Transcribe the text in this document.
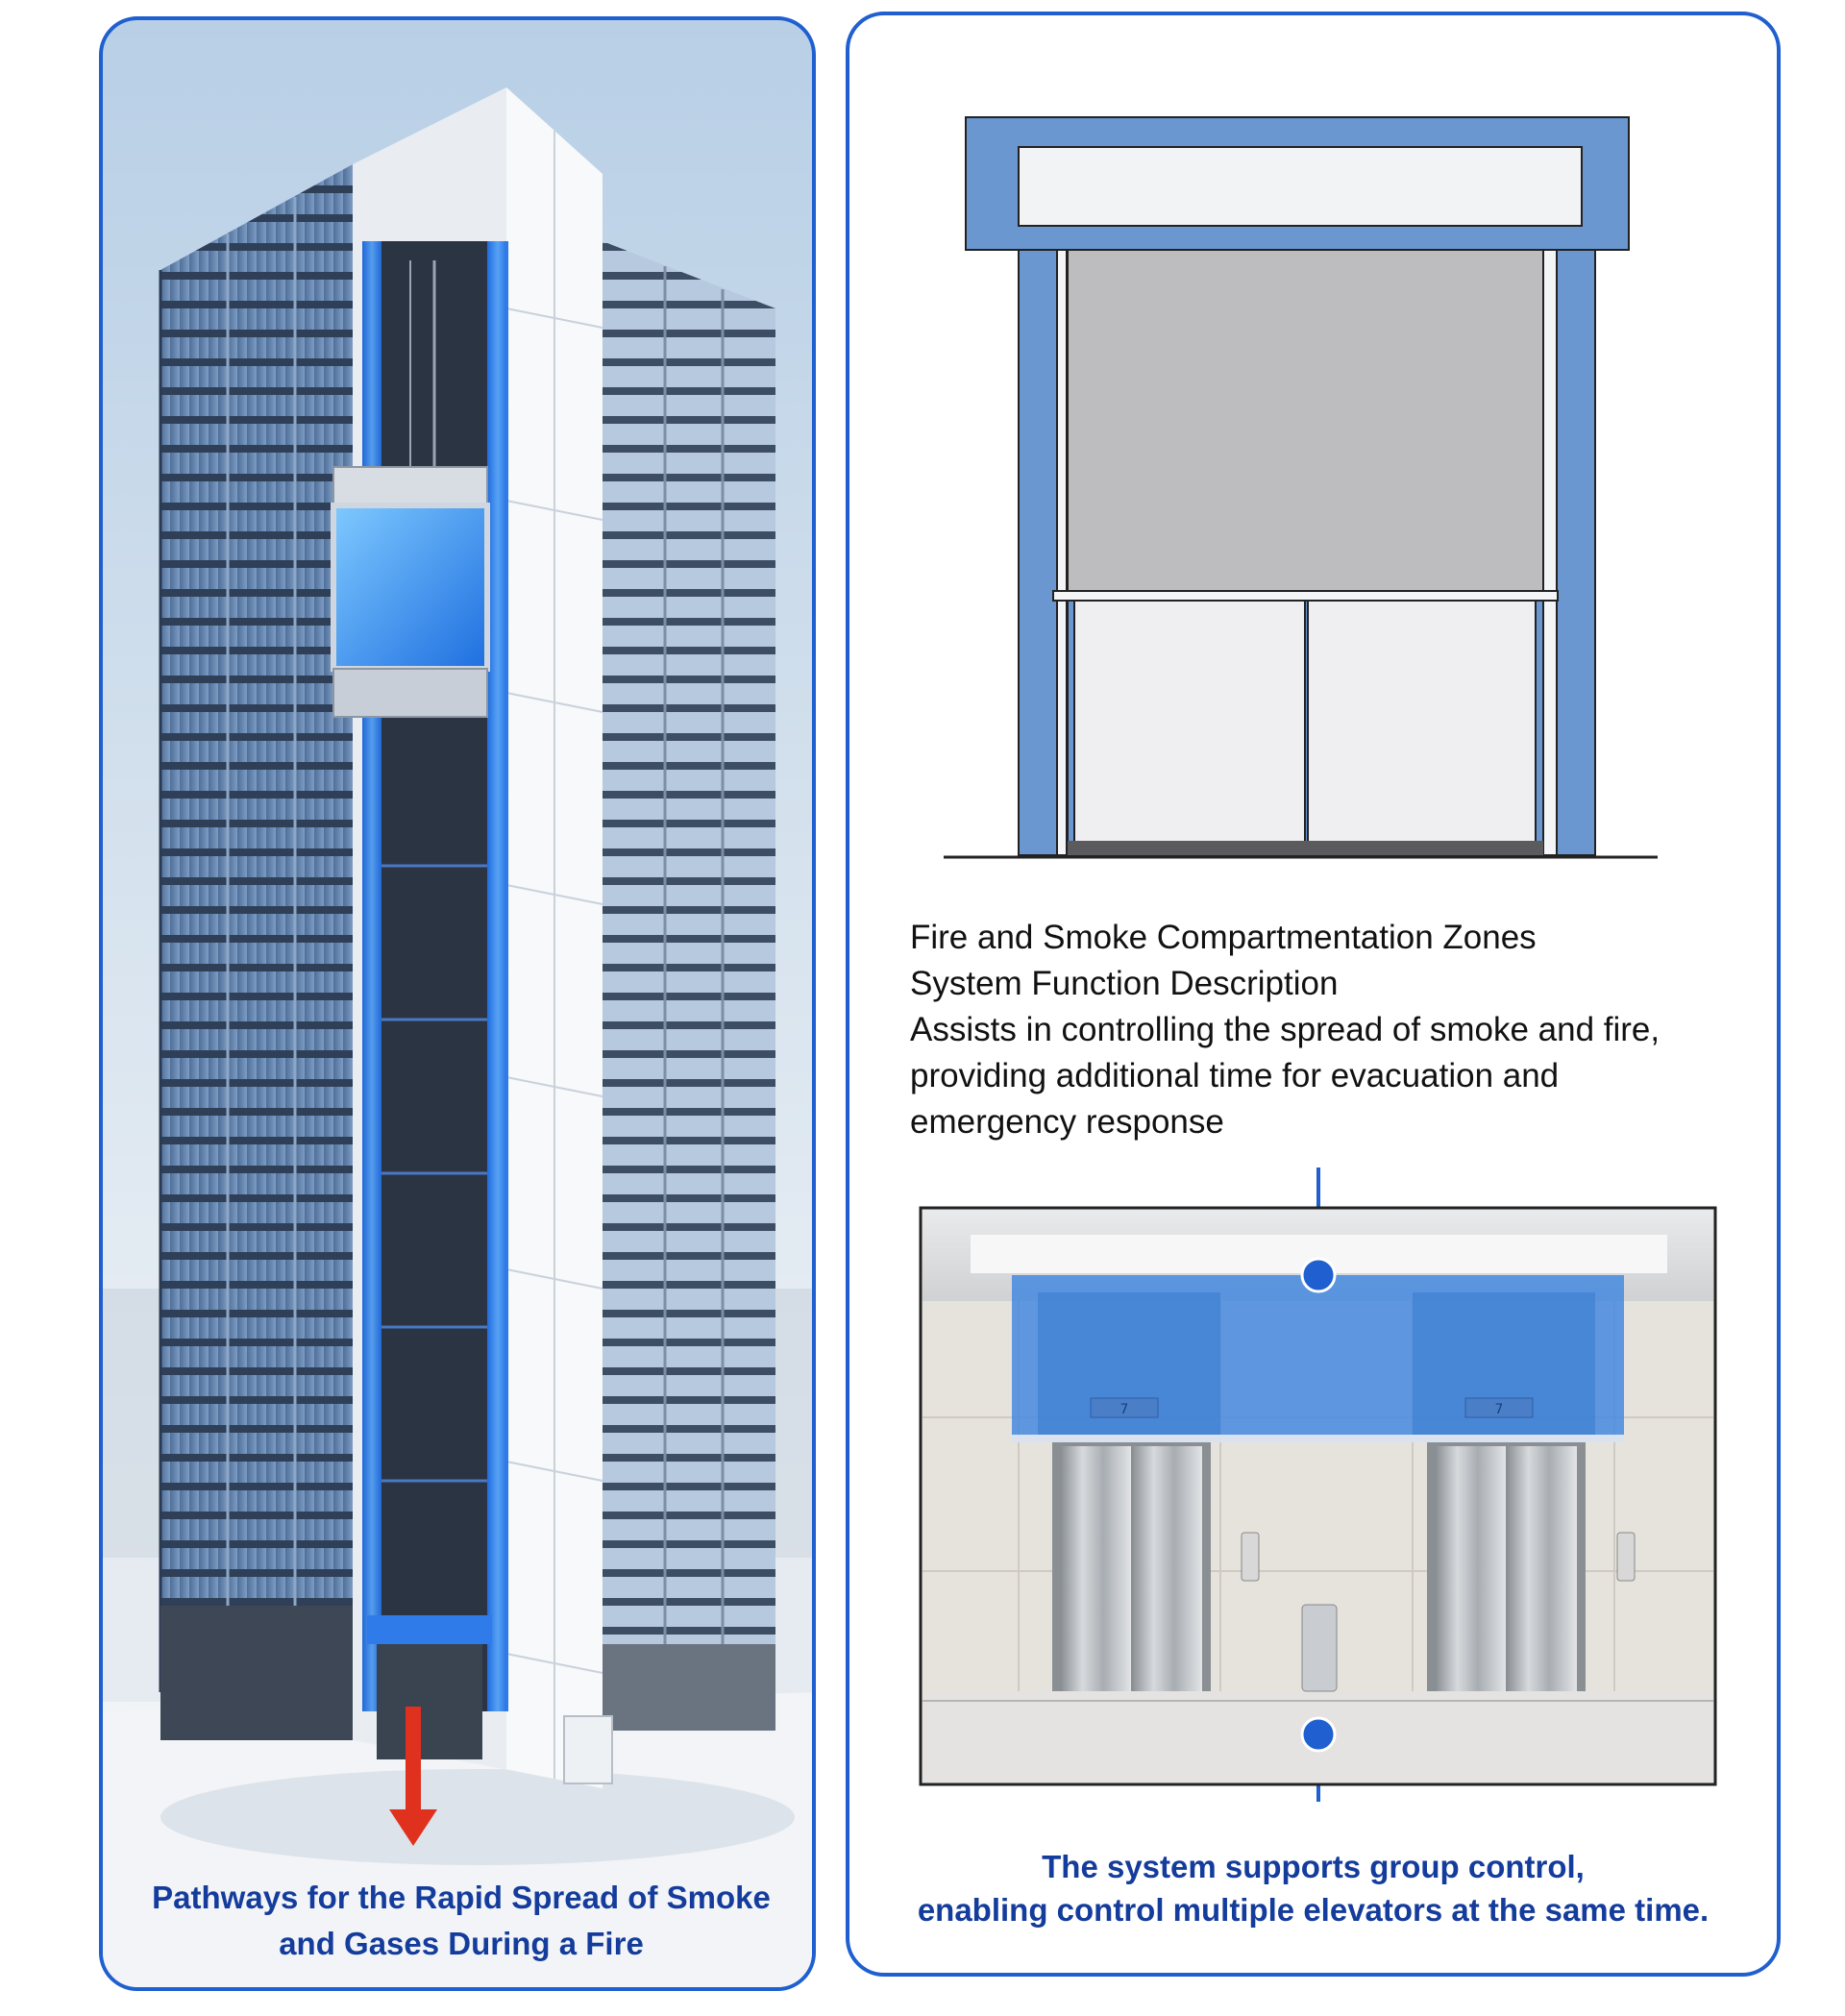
Pathways for the Rapid Spread of Smoke
and Gases During a Fire
Fire and Smoke Compartmentation Zones
System Function Description
Assists in controlling the spread of smoke and fire,
providing additional time for evacuation and
emergency response
7	7
The system supports group control,
enabling control multiple elevators at the same time.
